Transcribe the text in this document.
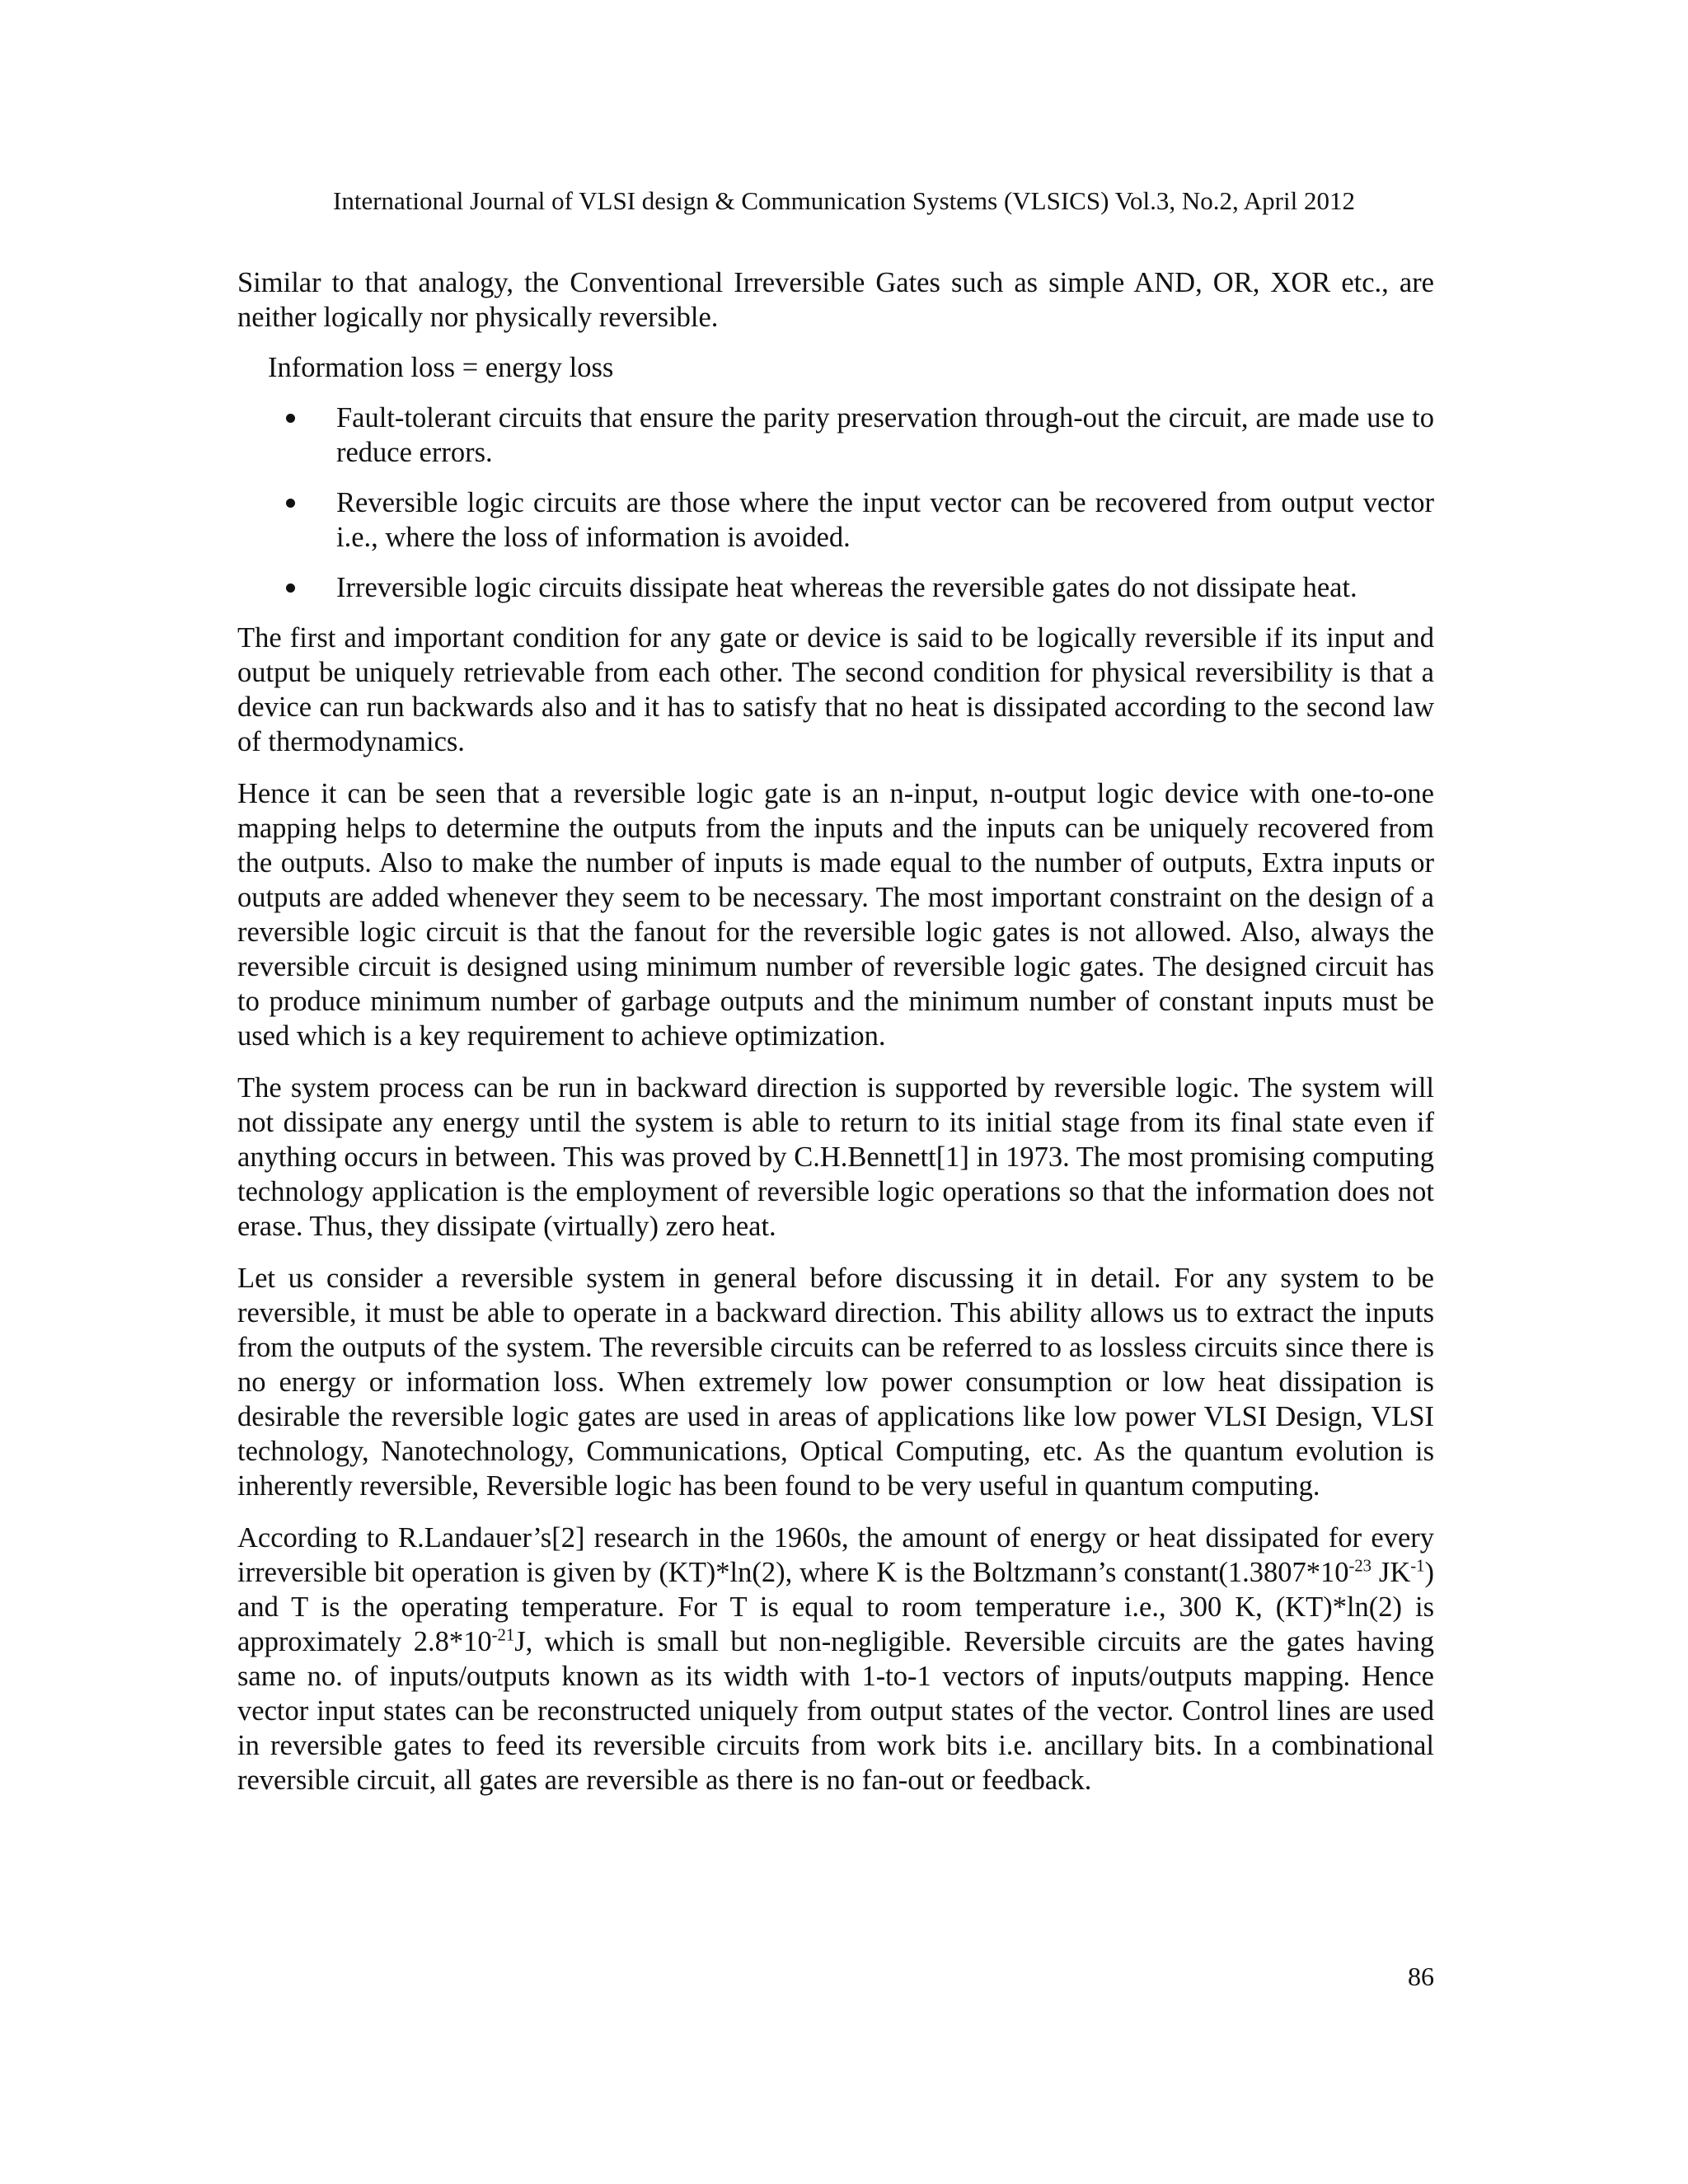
International Journal of VLSI design & Communication Systems (VLSICS) Vol.3, No.2, April 2012

Similar to that analogy, the Conventional Irreversible Gates such as simple AND, OR, XOR etc., are neither logically nor physically reversible.

Information loss = energy loss

Fault-tolerant circuits that ensure the parity preservation through-out the circuit, are made use to reduce errors.
Reversible logic circuits are those where the input vector can be recovered from output vector i.e., where the loss of information is avoided.
Irreversible logic circuits dissipate heat whereas the reversible gates do not dissipate heat.

The first and important condition for any gate or device is said to be logically reversible if its input and output be uniquely retrievable from each other. The second condition for physical reversibility is that a device can run backwards also and it has to satisfy that no heat is dissipated according to the second law of thermodynamics.

Hence it can be seen that a reversible logic gate is an n-input, n-output logic device with one-to-one mapping helps to determine the outputs from the inputs and the inputs can be uniquely recovered from the outputs. Also to make the number of inputs is made equal to the number of outputs, Extra inputs or outputs are added whenever they seem to be necessary. The most important constraint on the design of a reversible logic circuit is that the fanout for the reversible logic gates is not allowed. Also, always the reversible circuit is designed using minimum number of reversible logic gates. The designed circuit has to produce minimum number of garbage outputs and the minimum number of constant inputs must be used which is a key requirement to achieve optimization.

The system process can be run in backward direction is supported by reversible logic. The system will not dissipate any energy until the system is able to return to its initial stage from its final state even if anything occurs in between. This was proved by C.H.Bennett[1] in 1973. The most promising computing technology application is the employment of reversible logic operations so that the information does not erase. Thus, they dissipate (virtually) zero heat.

Let us consider a reversible system in general before discussing it in detail. For any system to be reversible, it must be able to operate in a backward direction. This ability allows us to extract the inputs from the outputs of the system. The reversible circuits can be referred to as lossless circuits since there is no energy or information loss. When extremely low power consumption or low heat dissipation is desirable the reversible logic gates are used in areas of applications like low power VLSI Design, VLSI technology, Nanotechnology, Communications, Optical Computing, etc. As the quantum evolution is inherently reversible, Reversible logic has been found to be very useful in quantum computing.

According to R.Landauer’s[2] research in the 1960s, the amount of energy or heat dissipated for every irreversible bit operation is given by (KT)*ln(2), where K is the Boltzmann’s $constant(1.3807*10^{-23}$ $JK^{-1}$) and T is the operating temperature. For T is equal to room temperature i.e., 300 K, (KT)*ln(2) is approximately $2.8*10^{-21}J$, which is small but non-negligible. Reversible circuits are the gates having same no. of inputs/outputs known as its width with 1-to-1 vectors of inputs/outputs mapping. Hence vector input states can be reconstructed uniquely from output states of the vector. Control lines are used in reversible gates to feed its reversible circuits from work bits i.e. ancillary bits. In a combinational reversible circuit, all gates are reversible as there is no fan-out or feedback.

86
